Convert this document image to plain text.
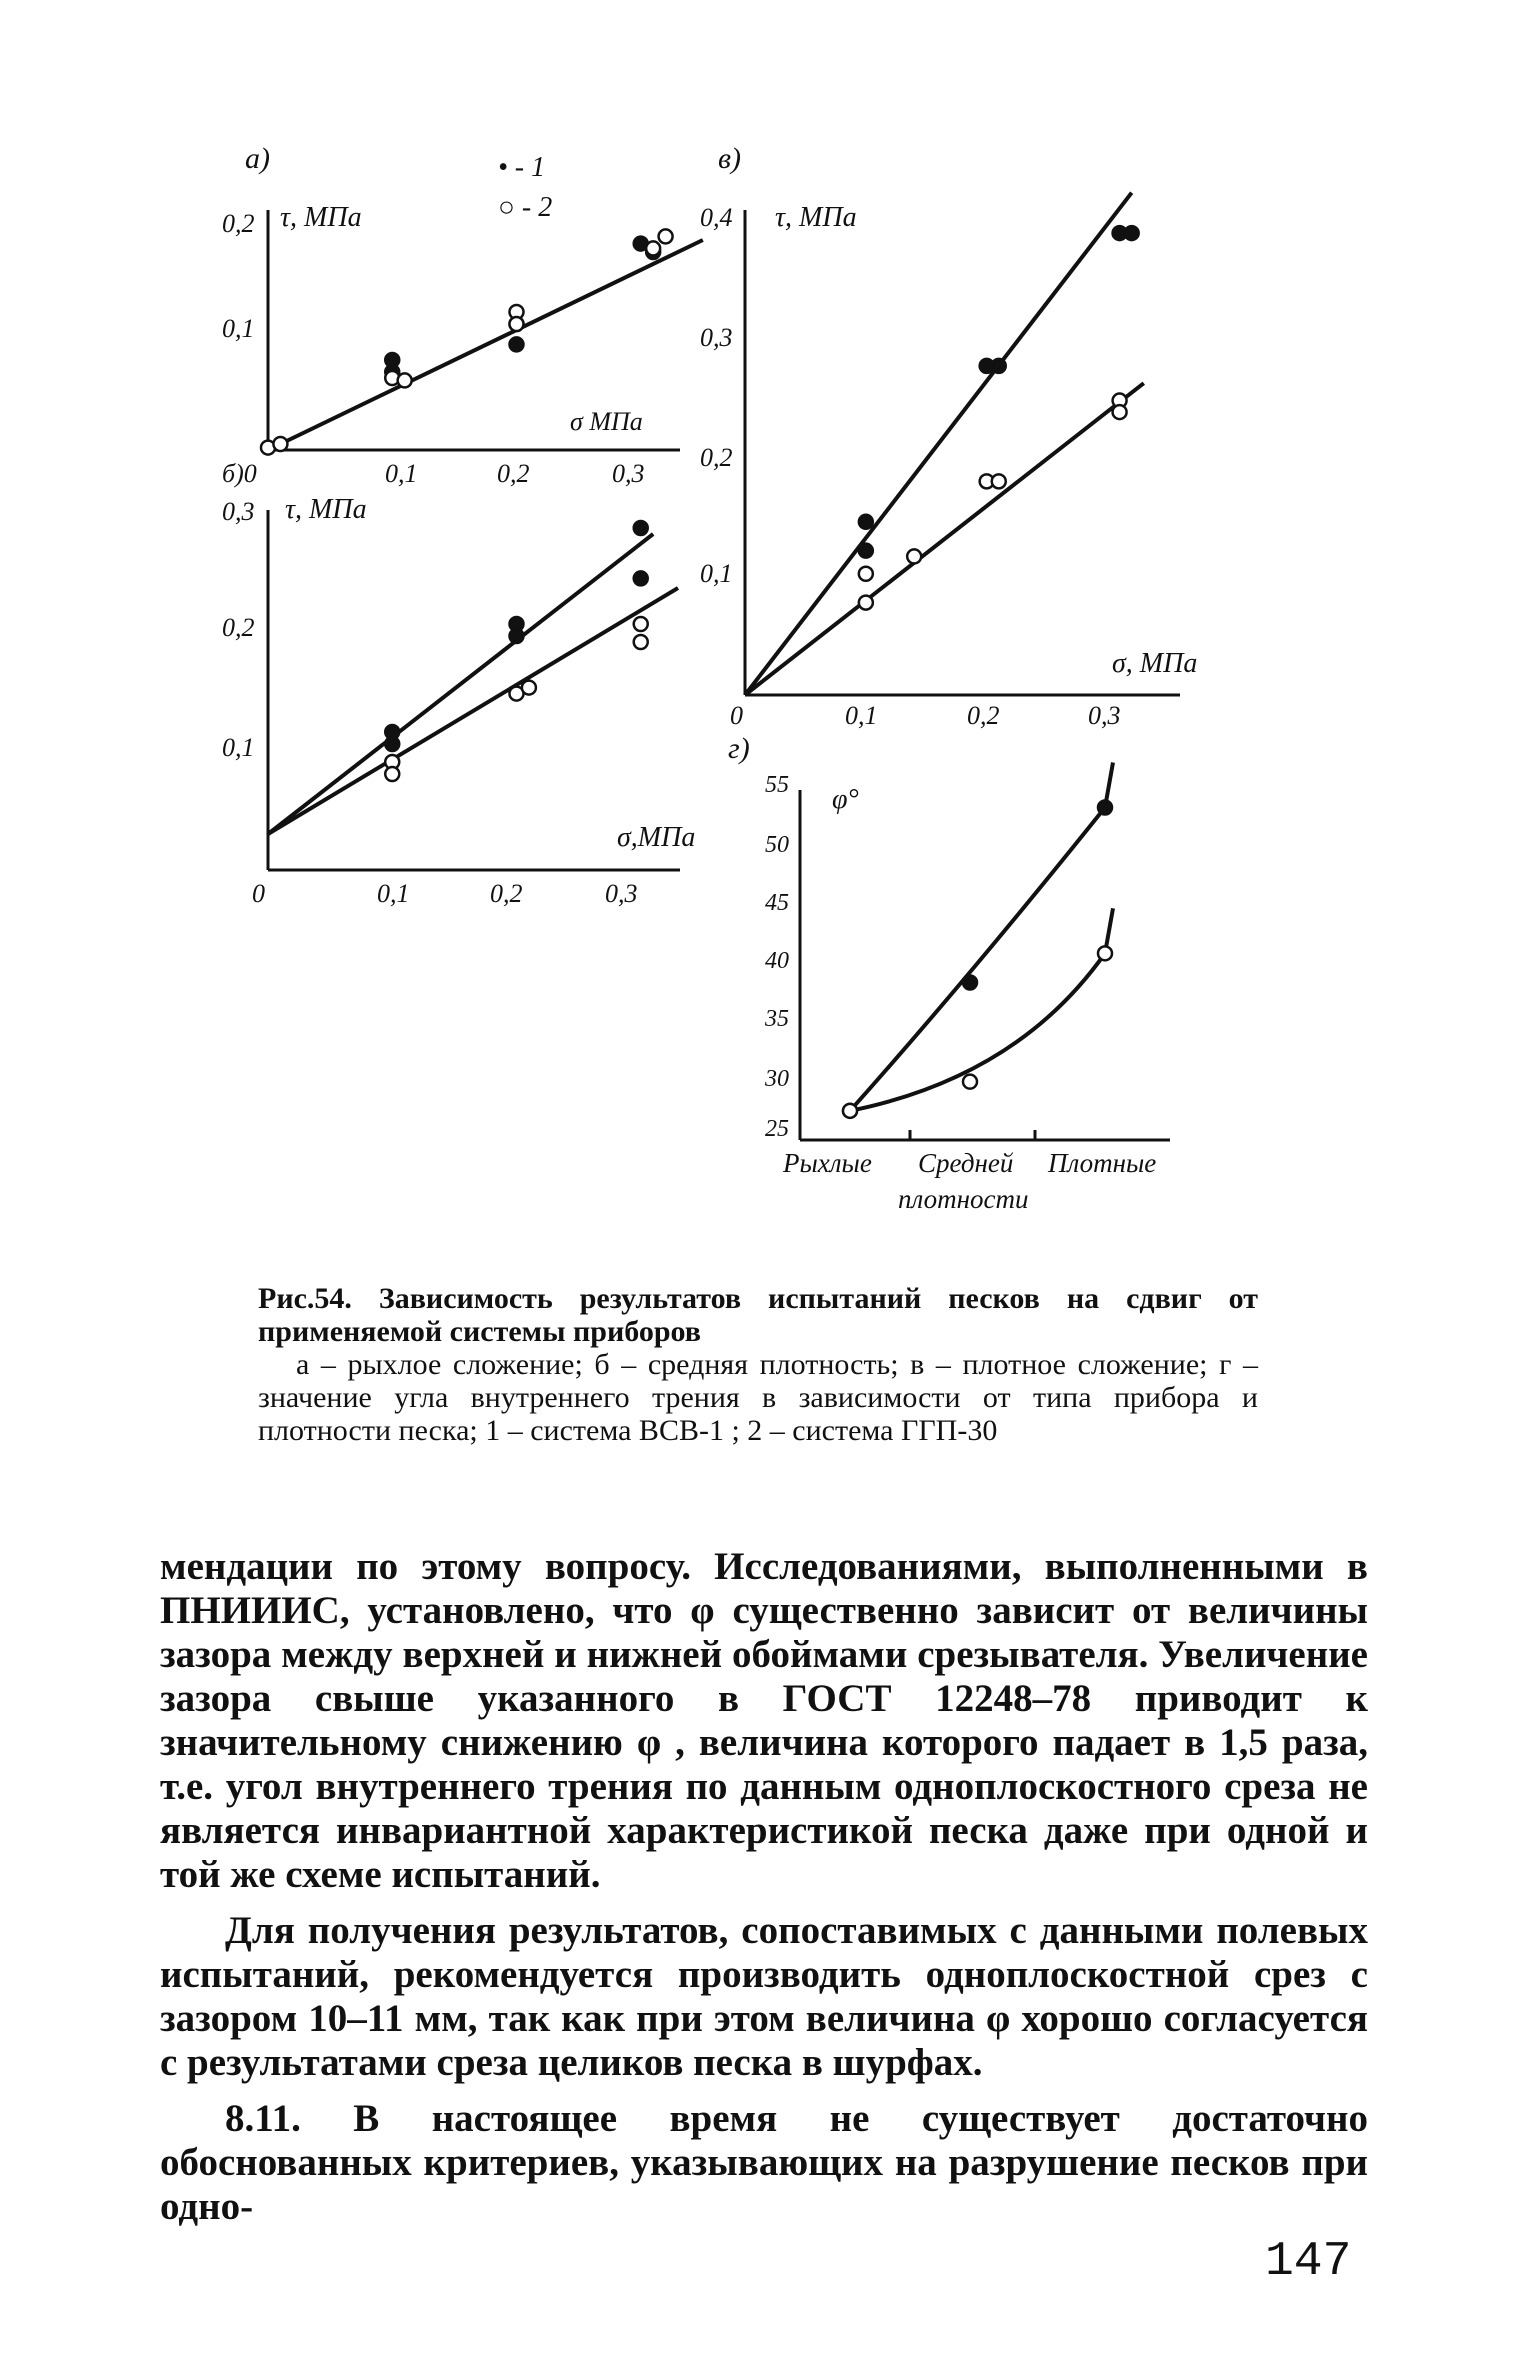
а)	• - 1
○ - 2
τ, МПа
0,2
0,1
σ МПа
0,1	0,2	0,3
б)0
0,3 τ, МПа
0,2
0,1
σ,МПа
0	0,1	0,2	0,3
в)
0,4 τ, МПа
0,3
0,2
0,1
σ, МПа
0	0,1	0,2	0,3
г)
55 φ°
50
45
40
35
30
25
Рыхлые Средней Плотные
плотности

Рис.54. Зависимость результатов испытаний песков на сдвиг от применяемой системы приборов

а – рыхлое сложение; б – средняя плотность; в – плотное сложение; г – значение угла внутреннего трения в зависимости от типа прибора и плотности песка; 1 – система ВСВ-1 ; 2 – система ГГП-30

мендации по этому вопросу. Исследованиями, выполненными в ПНИИИС, установлено, что φ существенно зависит от величины зазора между верхней и нижней обоймами срезывателя. Увеличение зазора свыше указанного в ГОСТ 12248–78 приводит к значительному снижению φ , величина которого падает в 1,5 раза, т.е. угол внутреннего трения по данным одноплоскостного среза не является инвариантной характеристикой песка даже при одной и той же схеме испытаний.

Для получения результатов, сопоставимых с данными полевых испытаний, рекомендуется производить одноплоскостной срез с зазором 10–11 мм, так как при этом величина φ хорошо согласуется с результатами среза целиков песка в шурфах.

8.11. В настоящее время не существует достаточно обоснованных критериев, указывающих на разрушение песков при одно-

147
